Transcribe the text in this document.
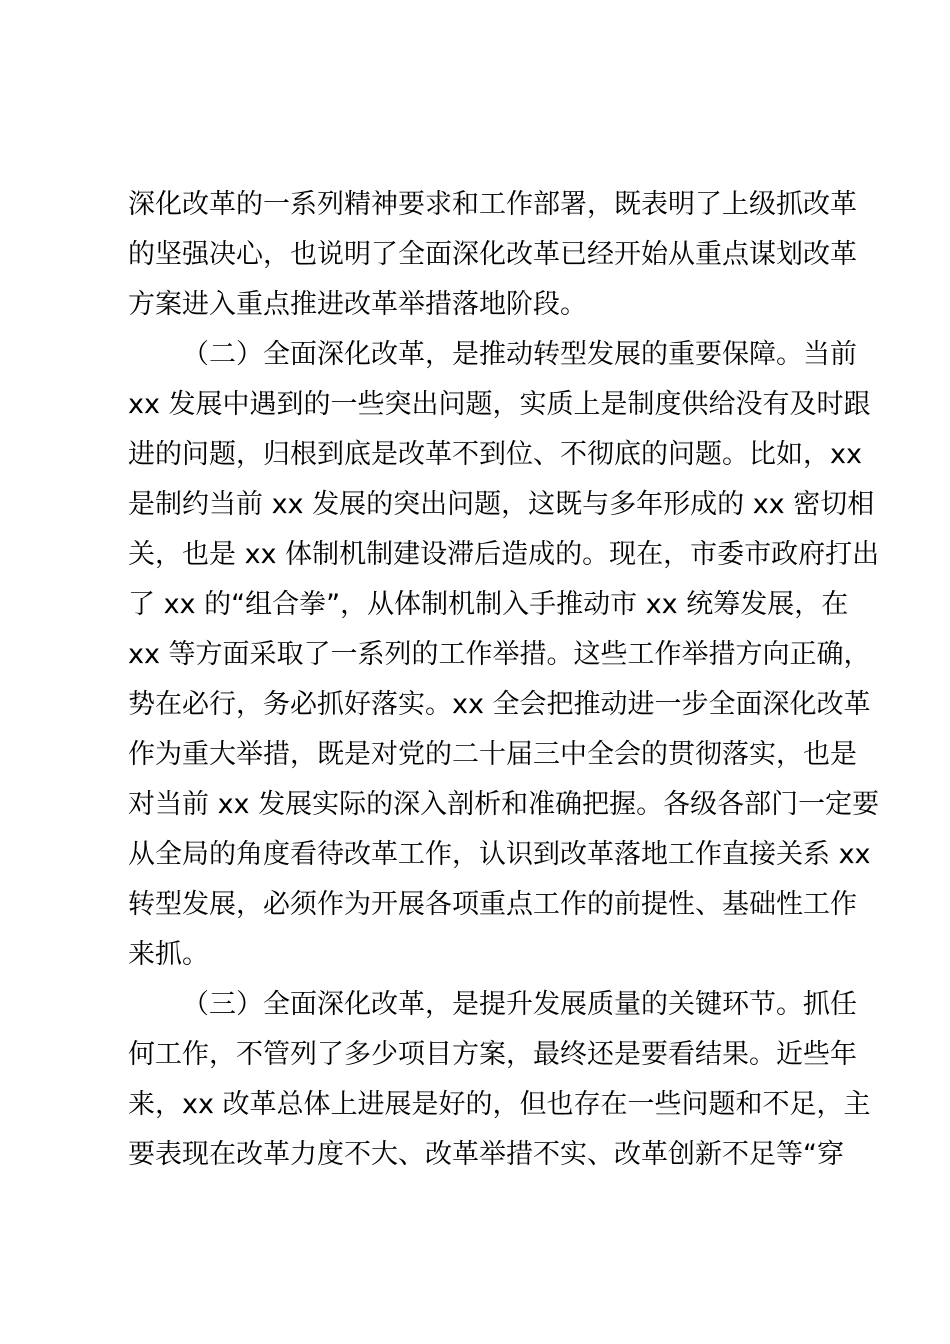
深化改革的一系列精神要求和工作部署，既表明了上级抓改革
的坚强决心，也说明了全面深化改革已经开始从重点谋划改革
方案进入重点推进改革举措落地阶段。
（二）全面深化改革，是推动转型发展的重要保障。当前
xx 发展中遇到的一些突出问题，实质上是制度供给没有及时跟
进的问题，归根到底是改革不到位、不彻底的问题。比如，xx
是制约当前 xx 发展的突出问题，这既与多年形成的 xx 密切相
关，也是 xx 体制机制建设滞后造成的。现在，市委市政府打出
了 xx 的“组合拳”，从体制机制入手推动市 xx 统筹发展，在
xx 等方面采取了一系列的工作举措。这些工作举措方向正确，
势在必行，务必抓好落实。xx 全会把推动进一步全面深化改革
作为重大举措，既是对党的二十届三中全会的贯彻落实，也是
对当前 xx 发展实际的深入剖析和准确把握。各级各部门一定要
从全局的角度看待改革工作，认识到改革落地工作直接关系 xx
转型发展，必须作为开展各项重点工作的前提性、基础性工作
来抓。
（三）全面深化改革，是提升发展质量的关键环节。抓任
何工作，不管列了多少项目方案，最终还是要看结果。近些年
来，xx 改革总体上进展是好的，但也存在一些问题和不足，主
要表现在改革力度不大、改革举措不实、改革创新不足等“穿
